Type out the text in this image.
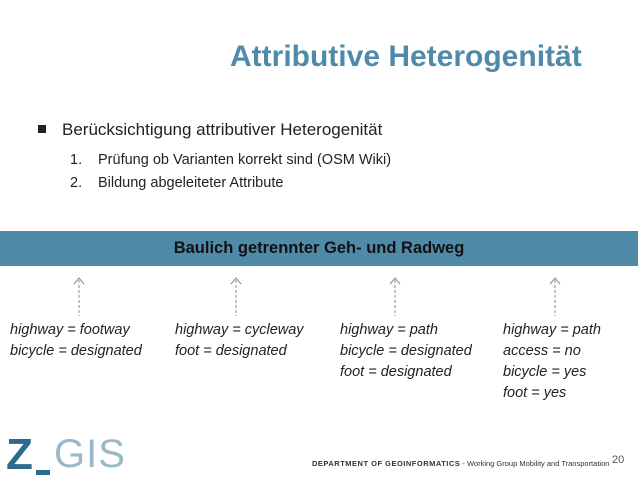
Attributive Heterogenität
Berücksichtigung attributiver Heterogenität
1. Prüfung ob Varianten korrekt sind (OSM Wiki)
2. Bildung abgeleiteter Attribute
Baulich getrennter Geh- und Radweg
highway = footway
bicycle = designated
highway = cycleway
foot = designated
highway = path
bicycle = designated
foot = designated
highway = path
access = no
bicycle = yes
foot = yes
Z GIS	DEPARTMENT OF GEOINFORMATICS - Working Group Mobility and Transportation 20
